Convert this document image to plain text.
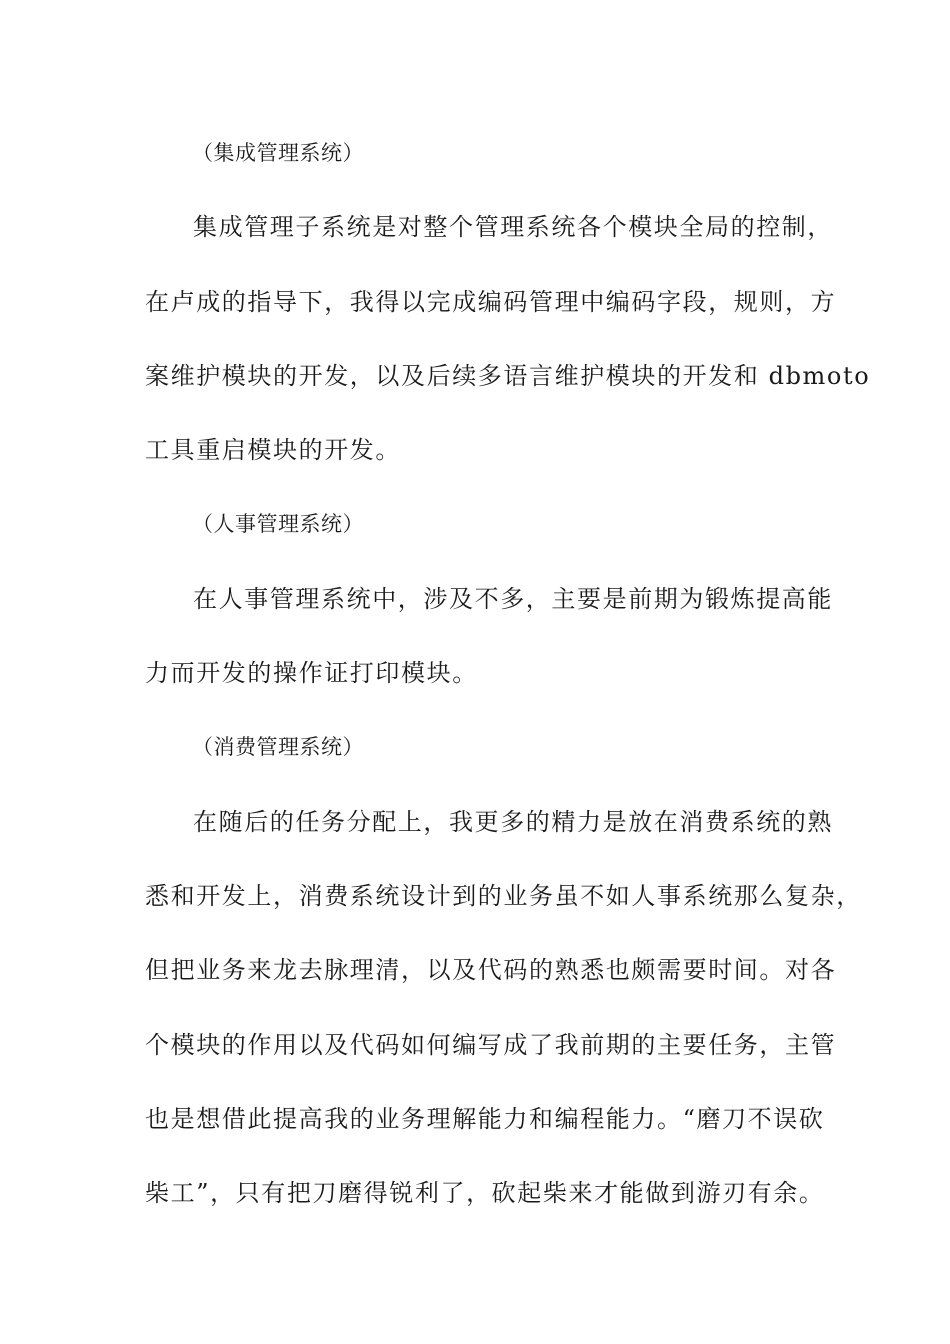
（集成管理系统）
集成管理子系统是对整个管理系统各个模块全局的控制，
在卢成的指导下，我得以完成编码管理中编码字段，规则，方
案维护模块的开发，以及后续多语言维护模块的开发和 dbmoto
工具重启模块的开发。
（人事管理系统）
在人事管理系统中，涉及不多，主要是前期为锻炼提高能
力而开发的操作证打印模块。
（消费管理系统）
在随后的任务分配上，我更多的精力是放在消费系统的熟
悉和开发上，消费系统设计到的业务虽不如人事系统那么复杂，
但把业务来龙去脉理清，以及代码的熟悉也颇需要时间。对各
个模块的作用以及代码如何编写成了我前期的主要任务，主管
也是想借此提高我的业务理解能力和编程能力。“磨刀不误砍
柴工”，只有把刀磨得锐利了，砍起柴来才能做到游刃有余。
